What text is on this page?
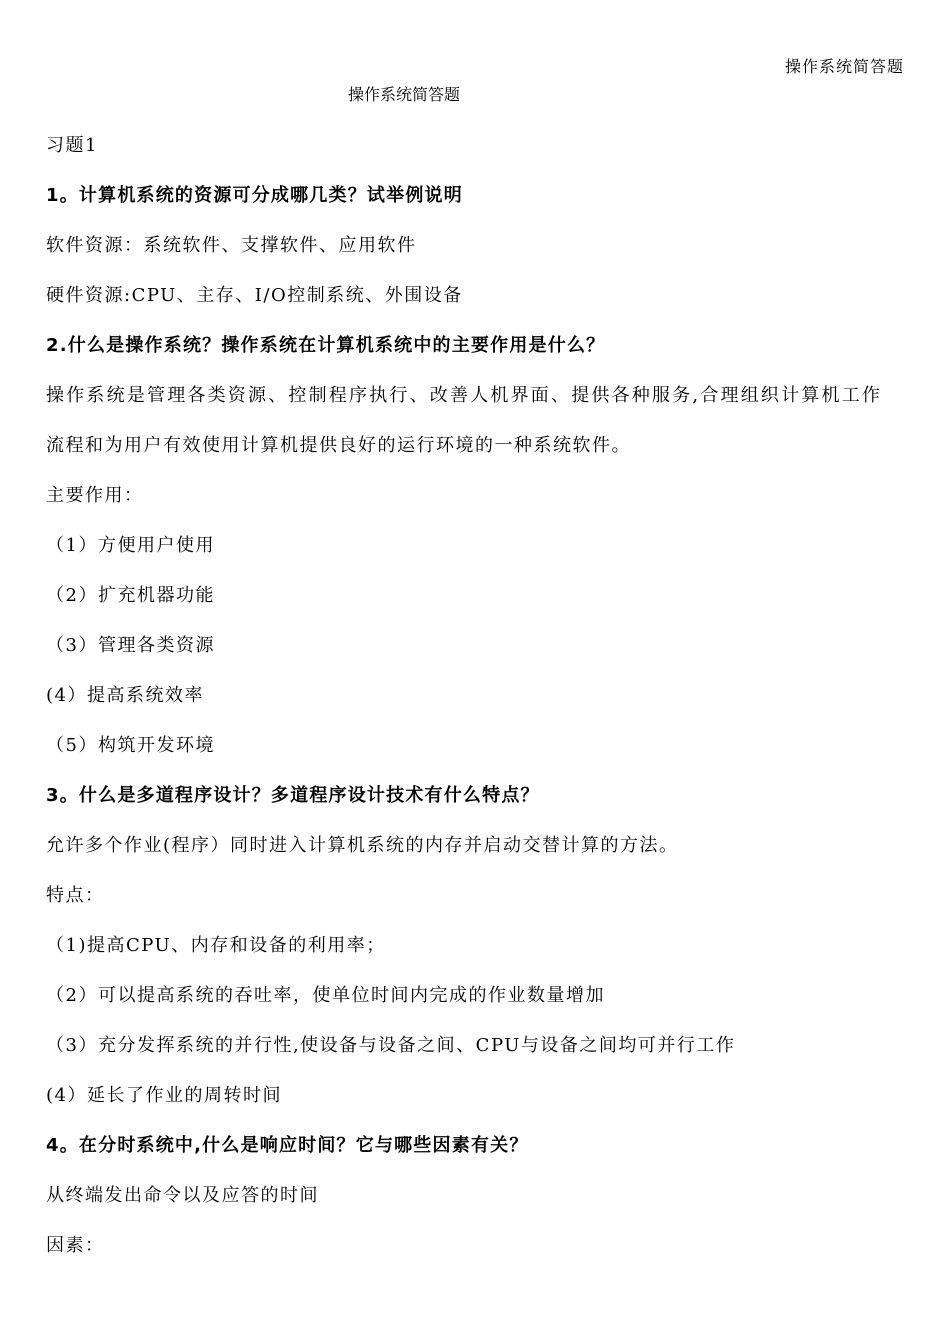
操作系统简答题
操作系统简答题
习题1
1。计算机系统的资源可分成哪几类？试举例说明
软件资源：系统软件、支撑软件、应用软件
硬件资源:CPU、主存、I/O控制系统、外围设备
2.什么是操作系统？操作系统在计算机系统中的主要作用是什么？
操作系统是管理各类资源、控制程序执行、改善人机界面、提供各种服务,合理组织计算机工作
流程和为用户有效使用计算机提供良好的运行环境的一种系统软件。
主要作用：
（1）方便用户使用
（2）扩充机器功能
（3）管理各类资源
(4）提高系统效率
（5）构筑开发环境
3。什么是多道程序设计？多道程序设计技术有什么特点？
允许多个作业(程序）同时进入计算机系统的内存并启动交替计算的方法。
特点：
（1)提高CPU、内存和设备的利用率；
（2）可以提高系统的吞吐率，使单位时间内完成的作业数量增加
（3）充分发挥系统的并行性,使设备与设备之间、CPU与设备之间均可并行工作
(4）延长了作业的周转时间
4。在分时系统中,什么是响应时间？它与哪些因素有关？
从终端发出命令以及应答的时间
因素：
